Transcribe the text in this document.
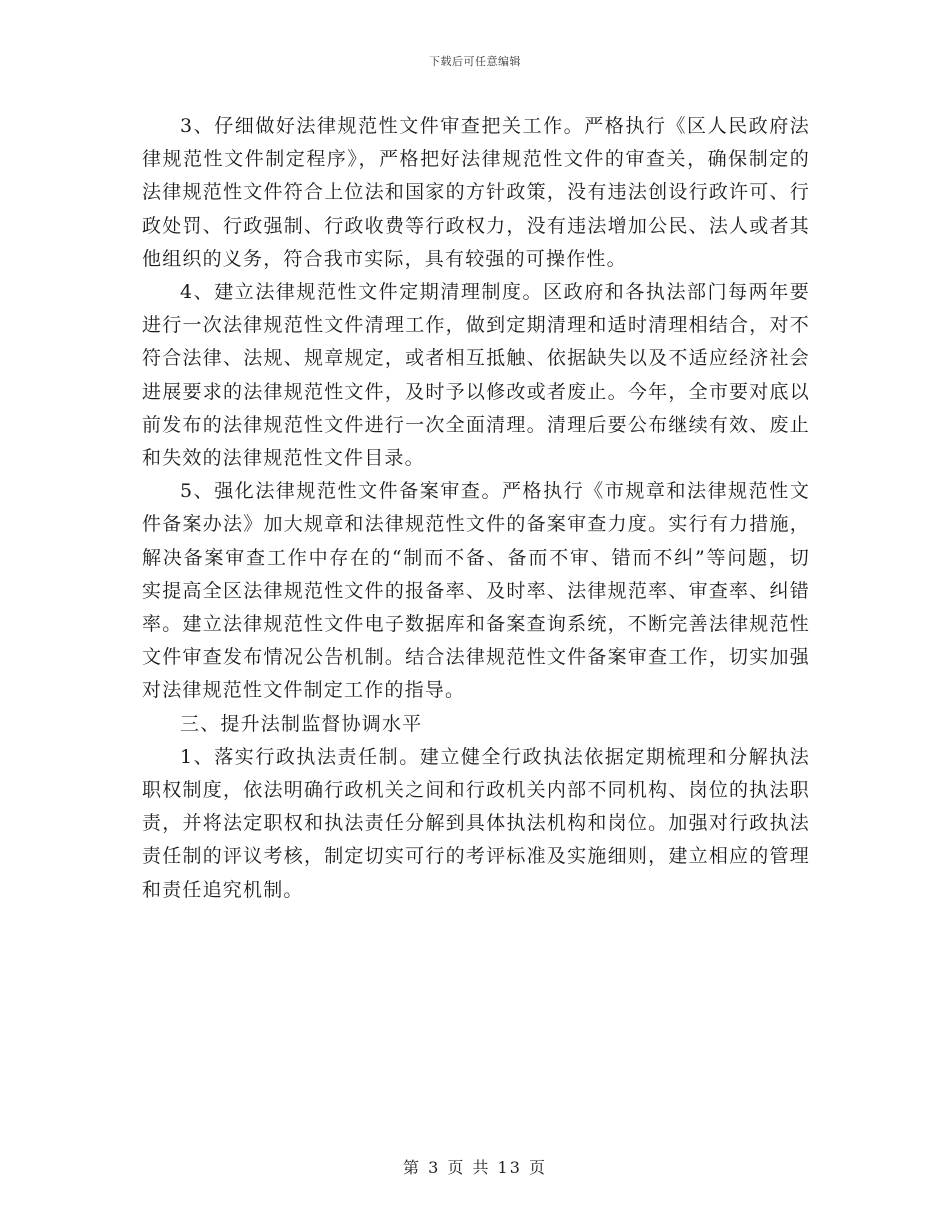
下载后可任意编辑

3、仔细做好法律规范性文件审查把关工作。严格执行《区人民政府法律规范性文件制定程序》，严格把好法律规范性文件的审查关，确保制定的法律规范性文件符合上位法和国家的方针政策，没有违法创设行政许可、行政处罚、行政强制、行政收费等行政权力，没有违法增加公民、法人或者其他组织的义务，符合我市实际，具有较强的可操作性。

4、建立法律规范性文件定期清理制度。区政府和各执法部门每两年要进行一次法律规范性文件清理工作，做到定期清理和适时清理相结合，对不符合法律、法规、规章规定，或者相互抵触、依据缺失以及不适应经济社会进展要求的法律规范性文件，及时予以修改或者废止。今年，全市要对底以前发布的法律规范性文件进行一次全面清理。清理后要公布继续有效、废止和失效的法律规范性文件目录。

5、强化法律规范性文件备案审查。严格执行《市规章和法律规范性文件备案办法》加大规章和法律规范性文件的备案审查力度。实行有力措施，解决备案审查工作中存在的“制而不备、备而不审、错而不纠”等问题，切实提高全区法律规范性文件的报备率、及时率、法律规范率、审查率、纠错率。建立法律规范性文件电子数据库和备案查询系统，不断完善法律规范性文件审查发布情况公告机制。结合法律规范性文件备案审查工作，切实加强对法律规范性文件制定工作的指导。

三、提升法制监督协调水平

1、落实行政执法责任制。建立健全行政执法依据定期梳理和分解执法职权制度，依法明确行政机关之间和行政机关内部不同机构、岗位的执法职责，并将法定职权和执法责任分解到具体执法机构和岗位。加强对行政执法责任制的评议考核，制定切实可行的考评标准及实施细则，建立相应的管理和责任追究机制。

第 3 页 共 13 页
